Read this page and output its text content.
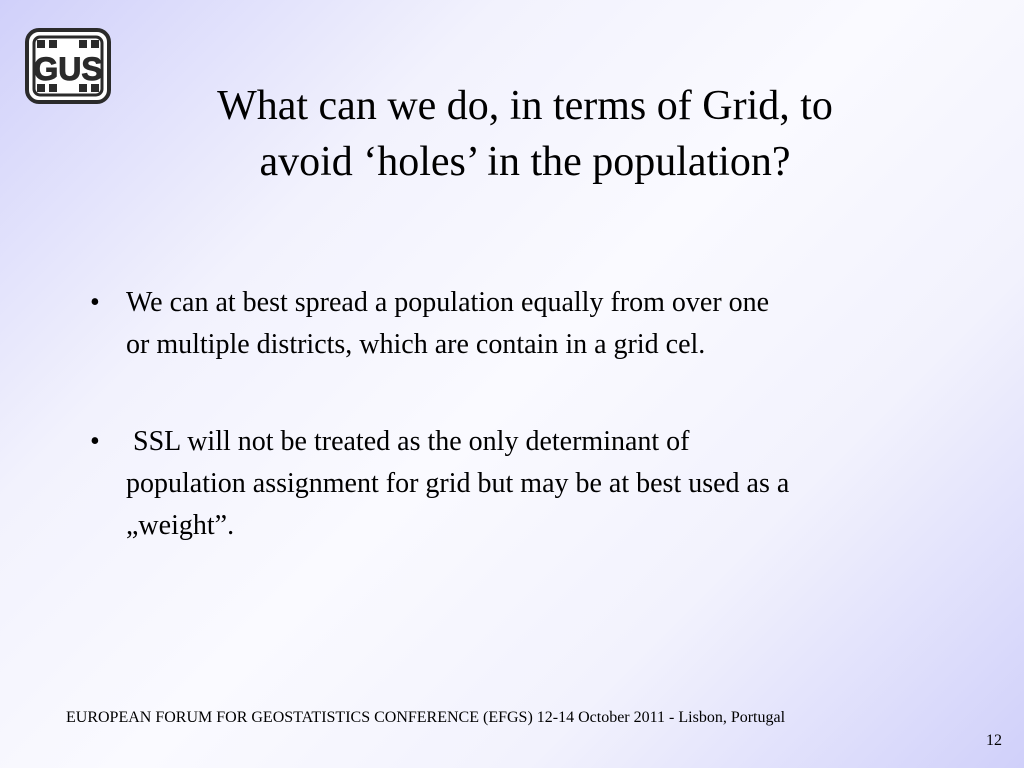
GUS
What can we do, in terms of Grid, to
avoid ‘holes’ in the population?
• We can at best spread a population equally from over one
or multiple districts, which are contain in a grid cel.
• SSL will not be treated as the only determinant of
population assignment for grid but may be at best used as a
„weight”.
EUROPEAN FORUM FOR GEOSTATISTICS CONFERENCE (EFGS) 12-14 October 2011 - Lisbon, Portugal
12
